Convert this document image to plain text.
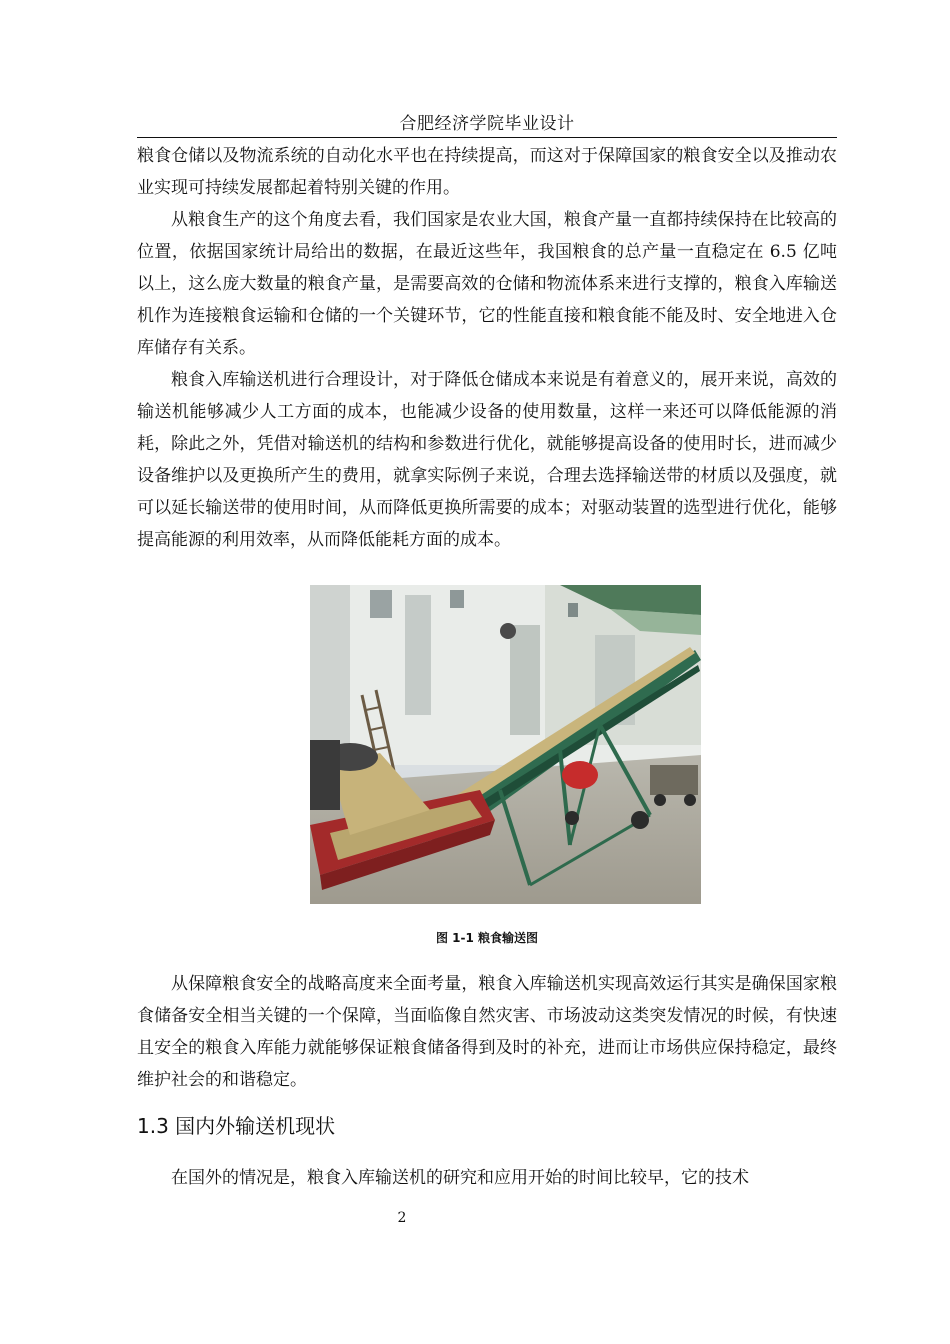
合肥经济学院毕业设计

粮食仓储以及物流系统的自动化水平也在持续提高，而这对于保障国家的粮食安全以及推动农业实现可持续发展都起着特别关键的作用。

从粮食生产的这个角度去看，我们国家是农业大国，粮食产量一直都持续保持在比较高的位置，依据国家统计局给出的数据，在最近这些年，我国粮食的总产量一直稳定在 6.5 亿吨以上，这么庞大数量的粮食产量，是需要高效的仓储和物流体系来进行支撑的，粮食入库输送机作为连接粮食运输和仓储的一个关键环节，它的性能直接和粮食能不能及时、安全地进入仓库储存有关系。

粮食入库输送机进行合理设计，对于降低仓储成本来说是有着意义的，展开来说，高效的输送机能够减少人工方面的成本，也能减少设备的使用数量，这样一来还可以降低能源的消耗，除此之外，凭借对输送机的结构和参数进行优化，就能够提高设备的使用时长，进而减少设备维护以及更换所产生的费用，就拿实际例子来说，合理去选择输送带的材质以及强度，就可以延长输送带的使用时间，从而降低更换所需要的成本；对驱动装置的选型进行优化，能够提高能源的利用效率，从而降低能耗方面的成本。

图 1-1 粮食输送图

从保障粮食安全的战略高度来全面考量，粮食入库输送机实现高效运行其实是确保国家粮食储备安全相当关键的一个保障，当面临像自然灾害、市场波动这类突发情况的时候，有快速且安全的粮食入库能力就能够保证粮食储备得到及时的补充，进而让市场供应保持稳定，最终维护社会的和谐稳定。

1.3 国内外输送机现状

在国外的情况是，粮食入库输送机的研究和应用开始的时间比较早，它的技术

2
